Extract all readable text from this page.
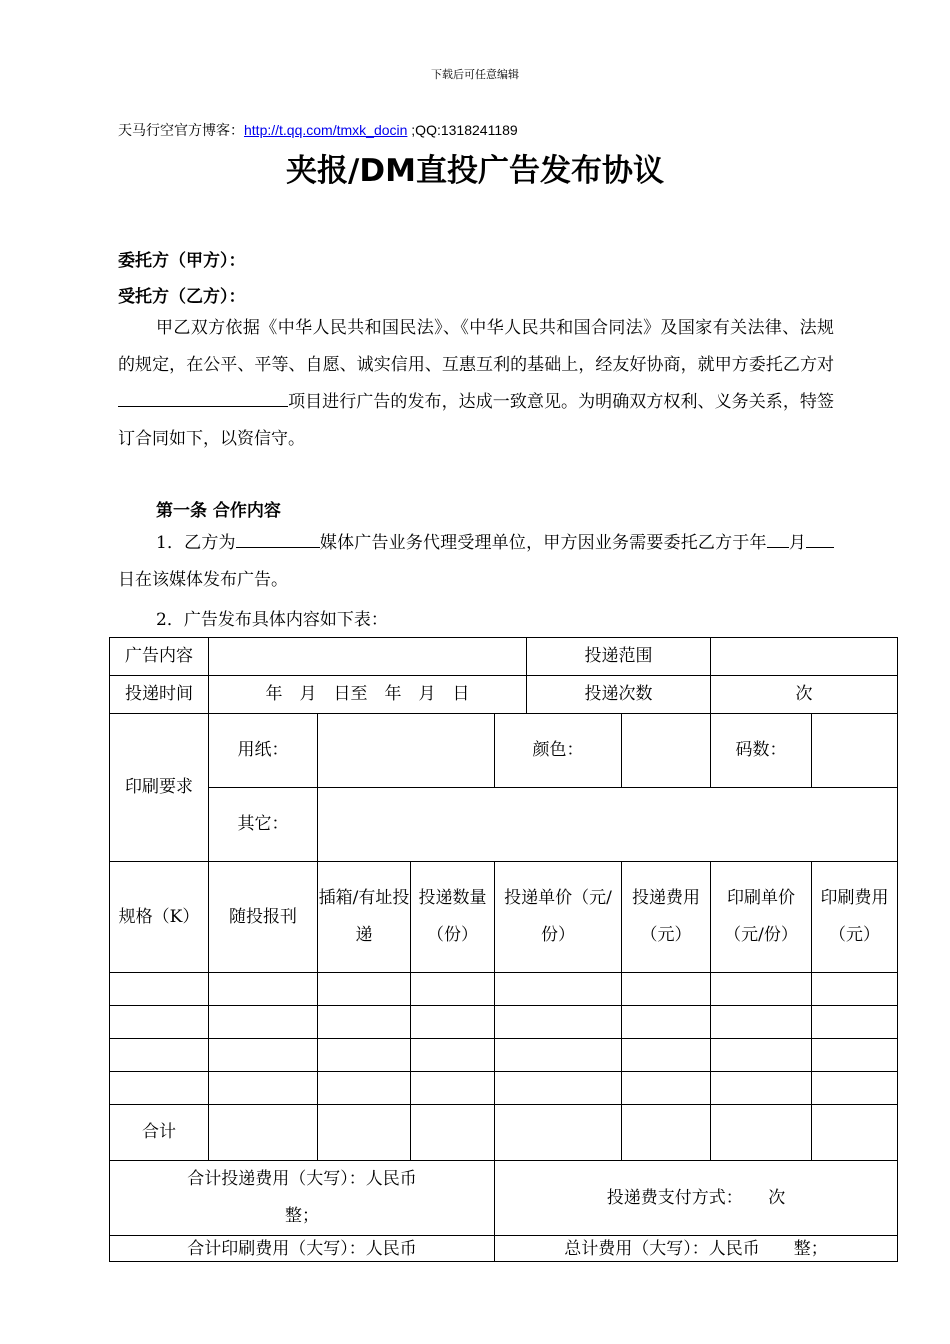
下载后可任意编辑
天马行空官方博客：http://t.qq.com/tmxk_docin ;QQ:1318241189
夹报/DM直投广告发布协议
委托方（甲方）：
受托方（乙方）：
甲乙双方依据《中华人民共和国民法》、《中华人民共和国合同法》及国家有关法律、法规的规定，在公平、平等、自愿、诚实信用、互惠互利的基础上，经友好协商，就甲方委托乙方对项目进行广告的发布，达成一致意见。为明确双方权利、义务关系，特签订合同如下，以资信守。
第一条 合作内容
1．乙方为	媒体广告业务代理受理单位，甲方因业务需要委托乙方于年 月日在该媒体发布广告。
2．广告发布具体内容如下表：
广告内容					投递范围			
投递时间	年　月　日至　年　月　日				投递次数		次	
印刷要求	用纸：			颜色：			码数：	
	其它：							
规格（K）	随投报刊	插箱/有址投递	投递数量（份）	投递单价（元/份）		投递费用（元）	印刷单价（元/份）	印刷费用（元）

合计								
合计投递费用（大写）：人民币　　　　　　　　　　整；				投递费支付方式：　　次				
合计印刷费用（大写）：人民币				总计费用（大写）：人民币　　整；				
